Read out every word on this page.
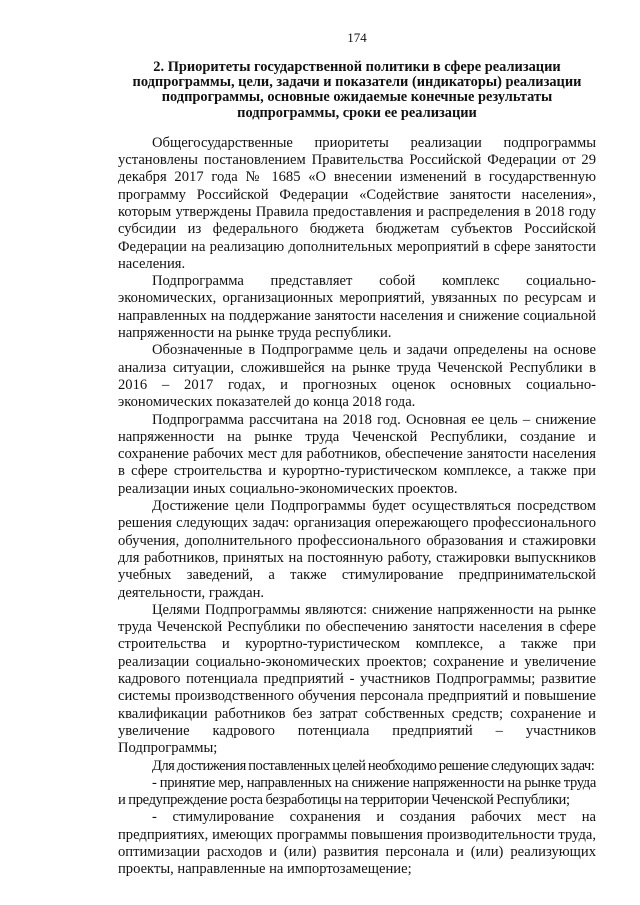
174
2. Приоритеты государственной политики в сфере реализации подпрограммы, цели, задачи и показатели (индикаторы) реализации подпрограммы, основные ожидаемые конечные результаты подпрограммы, сроки ее реализации

Общегосударственные приоритеты реализации подпрограммы установлены постановлением Правительства Российской Федерации от 29 декабря 2017 года № 1685 «О внесении изменений в государственную программу Российской Федерации «Содействие занятости населения», которым утверждены Правила предоставления и распределения в 2018 году субсидии из федерального бюджета бюджетам субъектов Российской Федерации на реализацию дополнительных мероприятий в сфере занятости населения.

Подпрограмма представляет собой комплекс социально-экономических, организационных мероприятий, увязанных по ресурсам и направленных на поддержание занятости населения и снижение социальной напряженности на рынке труда республики.

Обозначенные в Подпрограмме цель и задачи определены на основе анализа ситуации, сложившейся на рынке труда Чеченской Республики в 2016 – 2017 годах, и прогнозных оценок основных социально-экономических показателей до конца 2018 года.

Подпрограмма рассчитана на 2018 год. Основная ее цель – снижение напряженности на рынке труда Чеченской Республики, создание и сохранение рабочих мест для работников, обеспечение занятости населения в сфере строительства и курортно-туристическом комплексе, а также при реализации иных социально-экономических проектов.

Достижение цели Подпрограммы будет осуществляться посредством решения следующих задач: организация опережающего профессионального обучения, дополнительного профессионального образования и стажировки для работников, принятых на постоянную работу, стажировки выпускников учебных заведений, а также стимулирование предпринимательской деятельности, граждан.

Целями Подпрограммы являются: снижение напряженности на рынке труда Чеченской Республики по обеспечению занятости населения в сфере строительства и курортно-туристическом комплексе, а также при реализации социально-экономических проектов; сохранение и увеличение кадрового потенциала предприятий - участников Подпрограммы; развитие системы производственного обучения персонала предприятий и повышение квалификации работников без затрат собственных средств; сохранение и увеличение кадрового потенциала предприятий – участников Подпрограммы;

Для достижения поставленных целей необходимо решение следующих задач:

- принятие мер, направленных на снижение напряженности на рынке труда и предупреждение роста безработицы на территории Чеченской Республики;

- стимулирование сохранения и создания рабочих мест на предприятиях, имеющих программы повышения производительности труда, оптимизации расходов и (или) развития персонала и (или) реализующих проекты, направленные на импортозамещение;
